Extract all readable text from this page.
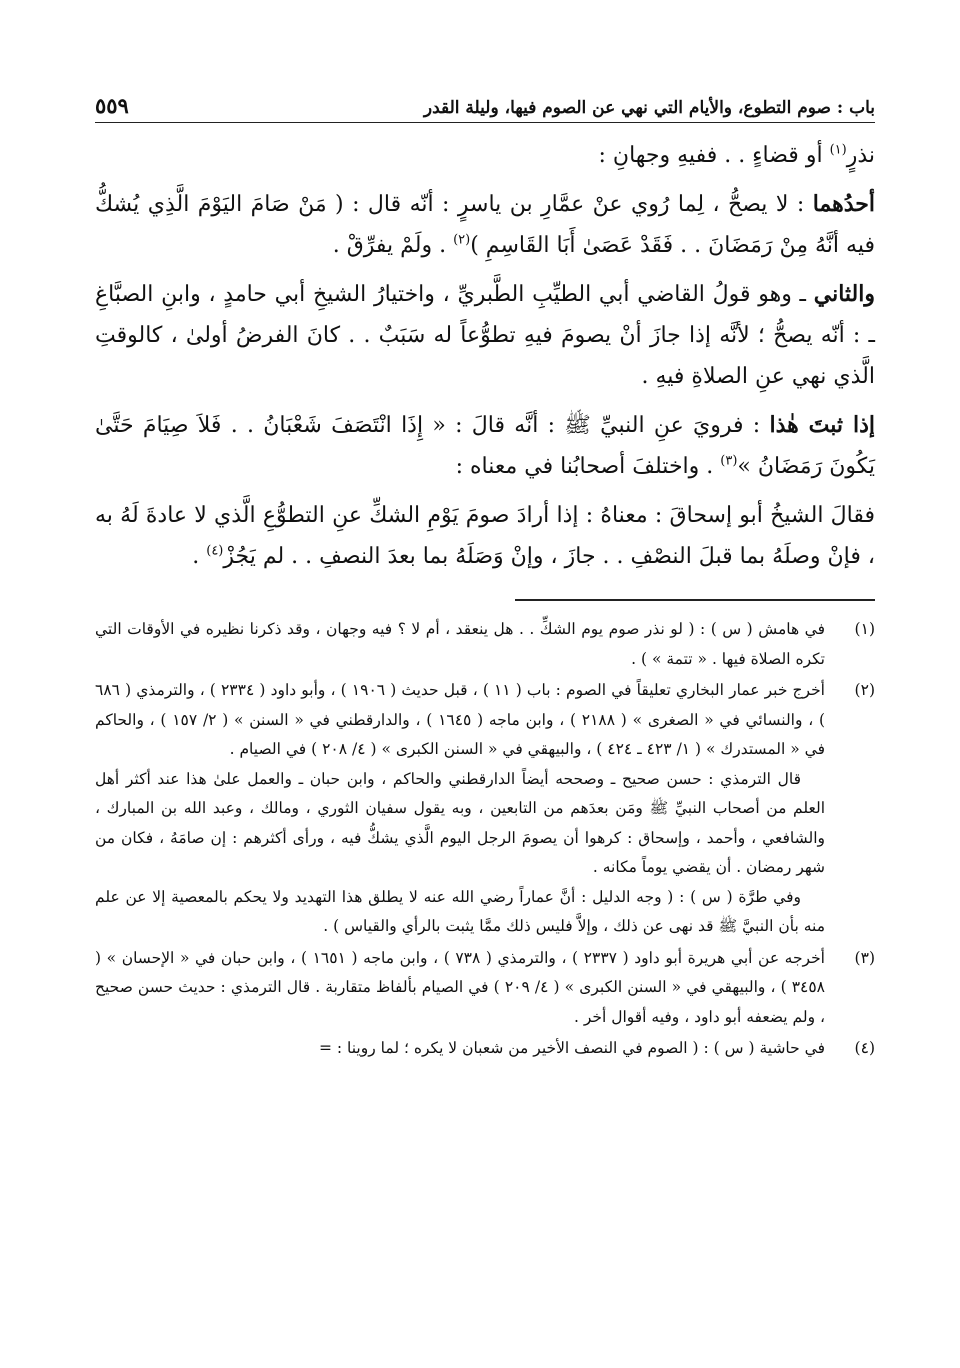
باب : صوم التطوع، والأيام التي نهي عن الصوم فيها، وليلة القدر
٥٥٩

نذرٍ$^{(١)}$ أو قضاءٍ . . ففيهِ وجهانِ :

أحدُهما : لا يصحُّ ، لِما رُوي عنْ عمَّارِ بن ياسرٍ : أنّه قال : ( مَنْ صَامَ اليَوْمَ الَّذِي يُشكُّ فيه أنَّهُ مِنْ رَمَضَانَ . . فَقَدْ عَصَىٰ أَبَا القَاسِمِ )$^{(٢)}$ . ولَمْ يفرِّقْ .

والثاني ـ وهو قولُ القاضي أبي الطيِّبِ الطَّبريِّ ، واختيارُ الشيخِ أبي حامدٍ ، وابنِ الصبَّاغِ ـ : أنّه يصحُّ ؛ لأنَّه إذا جازَ أنْ يصومَ فيهِ تطوُّعاً له سَبَبٌ . . كانَ الفرضُ أولىٰ ، كالوقتِ الَّذي نهي عنِ الصلاةِ فيهِ .

إذا ثبتَ هٰذا : فرويَ عنِ النبيِّ ﷺ : أنَّه قالَ : « إِذَا انْتَصَفَ شَعْبَانُ . . فَلاَ صِيَامَ حَتَّىٰ يَكُونَ رَمَضَانُ »$^{(٣)}$ . واختلفَ أصحابُنا في معناه :

فقالَ الشيخُ أبو إسحاقَ : معناهُ : إذا أرادَ صومَ يَوْمِ الشكِّ عنِ التطوُّعِ الَّذي لا عادةَ لَهُ به ، فإنْ وصلَهُ بما قبلَ النصْفِ . . جازَ ، وإنْ وَصَلَهُ بما بعدَ النصفِ . . لم يَجُزْ$^{(٤)}$ .

(١)

في هامش ( س ) : ( لو نذر صوم يوم الشكِّ . . هل ينعقد ، أم لا ؟ فيه وجهان ، وقد ذكرنا نظيره في الأوقات التي تكره الصلاة فيها . « تتمة » ) .

(٢)

أخرج خبر عمار البخاري تعليقاً في الصوم : باب ( ١١ ) ، قبل حديث ( ١٩٠٦ ) ، وأبو داود ( ٢٣٣٤ ) ، والترمذي ( ٦٨٦ ) ، والنسائي في « الصغرى » ( ٢١٨٨ ) ، وابن ماجه ( ١٦٤٥ ) ، والدارقطني في « السنن » ( ٢/ ١٥٧ ) ، والحاكم في « المستدرك » ( ١/ ٤٢٣ ـ ٤٢٤ ) ، والبيهقي في « السنن الكبرى » ( ٤/ ٢٠٨ ) في الصيام .

قال الترمذي : حسن صحيح ـ وصححه أيضاً الدارقطني والحاكم ، وابن حبان ـ والعمل علىٰ هذا عند أكثر أهل العلم من أصحاب النبيِّ ﷺ ومَن بعدَهم من التابعين ، وبه يقول سفيان الثوري ، ومالك ، وعبد الله بن المبارك ، والشافعي ، وأحمد ، وإسحاق : كرهوا أن يصومَ الرجل اليوم الَّذي يشكُّ فيه ، ورأى أكثرهم : إن صامَهُ ، فكان من شهر رمضان . أن يقضي يوماً مكانه .

وفي طرَّة ( س ) : ( وجه الدليل : أنَّ عماراً رضي الله عنه لا يطلق هذا التهديد ولا يحكم بالمعصية إلا عن علم منه بأن النبيَّ ﷺ قد نهى عن ذلك ، وإلاَّ فليس ذلك ممَّا يثبت بالرأي والقياس ) .

(٣)

أخرجه عن أبي هريرة أبو داود ( ٢٣٣٧ ) ، والترمذي ( ٧٣٨ ) ، وابن ماجه ( ١٦٥١ ) ، وابن حبان في « الإحسان » ( ٣٤٥٨ ) ، والبيهقي في « السنن الكبرى » ( ٤/ ٢٠٩ ) في الصيام بألفاظ متقاربة . قال الترمذي : حديث حسن صحيح ، ولم يضعفه أبو داود ، وفيه أقوال أخر .

(٤)

في حاشية ( س ) : ( الصوم في النصف الأخير من شعبان لا يكره ؛ لما روينا : =
